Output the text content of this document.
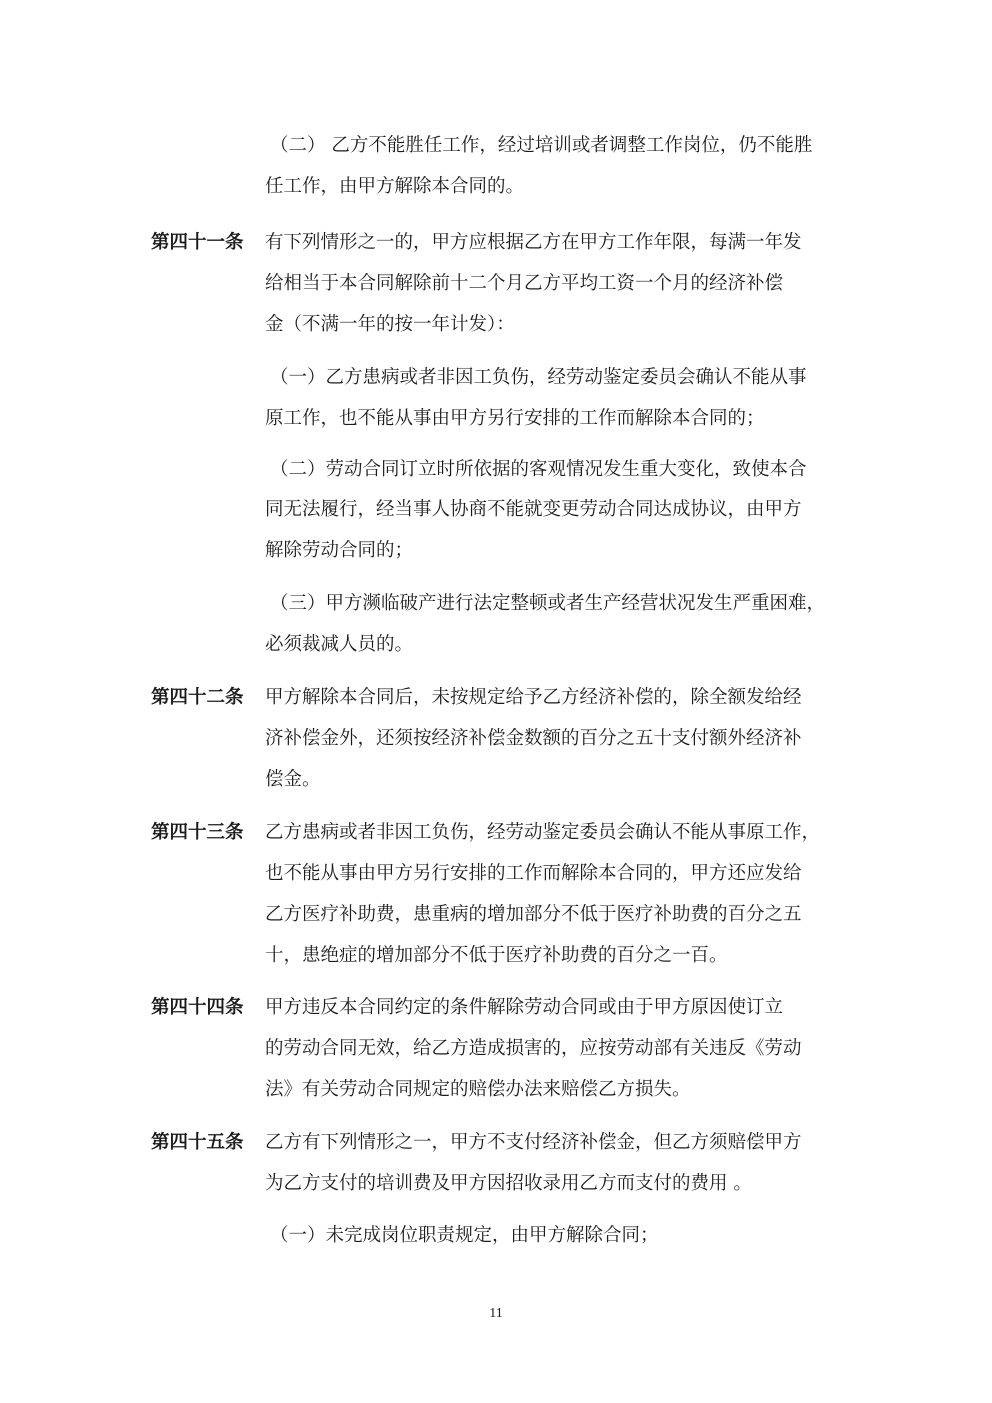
（二） 乙方不能胜任工作，经过培训或者调整工作岗位，仍不能胜
任工作，由甲方解除本合同的。
第四十一条 有下列情形之一的，甲方应根据乙方在甲方工作年限，每满一年发
给相当于本合同解除前十二个月乙方平均工资一个月的经济补偿
金（不满一年的按一年计发）：
（一）乙方患病或者非因工负伤，经劳动鉴定委员会确认不能从事
原工作，也不能从事由甲方另行安排的工作而解除本合同的；
（二）劳动合同订立时所依据的客观情况发生重大变化，致使本合
同无法履行，经当事人协商不能就变更劳动合同达成协议，由甲方
解除劳动合同的；
（三）甲方濒临破产进行法定整顿或者生产经营状况发生严重困难，
必须裁减人员的。
第四十二条 甲方解除本合同后，未按规定给予乙方经济补偿的，除全额发给经
济补偿金外，还须按经济补偿金数额的百分之五十支付额外经济补
偿金。
第四十三条 乙方患病或者非因工负伤，经劳动鉴定委员会确认不能从事原工作，
也不能从事由甲方另行安排的工作而解除本合同的，甲方还应发给
乙方医疗补助费，患重病的增加部分不低于医疗补助费的百分之五
十，患绝症的增加部分不低于医疗补助费的百分之一百。
第四十四条 甲方违反本合同约定的条件解除劳动合同或由于甲方原因使订立
的劳动合同无效，给乙方造成损害的，应按劳动部有关违反《劳动
法》有关劳动合同规定的赔偿办法来赔偿乙方损失。
第四十五条 乙方有下列情形之一，甲方不支付经济补偿金，但乙方须赔偿甲方
为乙方支付的培训费及甲方因招收录用乙方而支付的费用 。
（一）未完成岗位职责规定，由甲方解除合同；
11
